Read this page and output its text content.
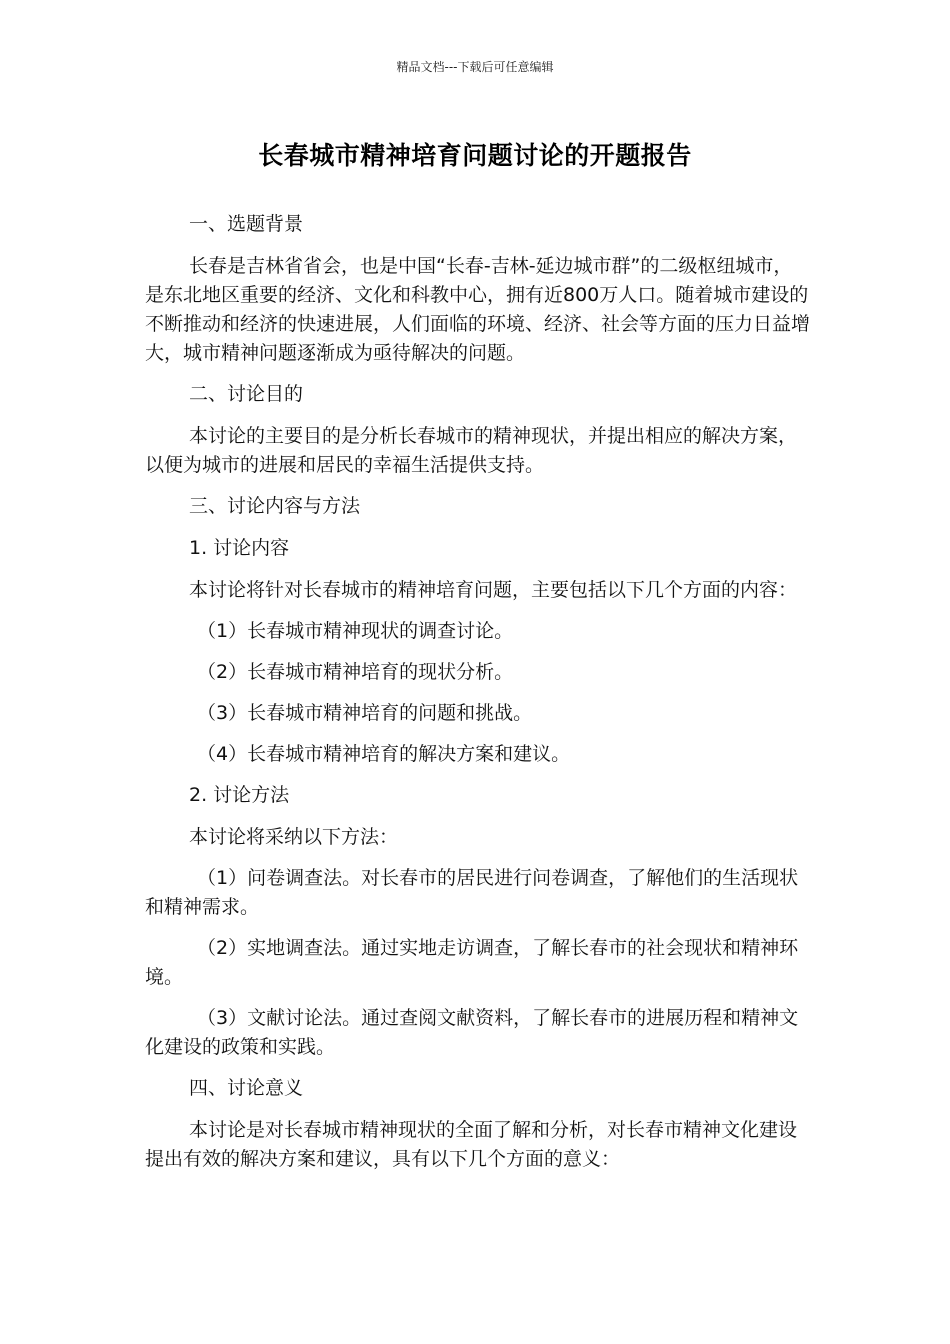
精品文档---下载后可任意编辑
长春城市精神培育问题讨论的开题报告

一、选题背景

长春是吉林省省会，也是中国“长春-吉林-延边城市群”的二级枢纽城市，是东北地区重要的经济、文化和科教中心，拥有近800万人口。随着城市建设的不断推动和经济的快速进展，人们面临的环境、经济、社会等方面的压力日益增大，城市精神问题逐渐成为亟待解决的问题。

二、讨论目的

本讨论的主要目的是分析长春城市的精神现状，并提出相应的解决方案，以便为城市的进展和居民的幸福生活提供支持。

三、讨论内容与方法

1. 讨论内容

本讨论将针对长春城市的精神培育问题，主要包括以下几个方面的内容：

（1）长春城市精神现状的调查讨论。

（2）长春城市精神培育的现状分析。

（3）长春城市精神培育的问题和挑战。

（4）长春城市精神培育的解决方案和建议。

2. 讨论方法

本讨论将采纳以下方法：

（1）问卷调查法。对长春市的居民进行问卷调查，了解他们的生活现状和精神需求。

（2）实地调查法。通过实地走访调查，了解长春市的社会现状和精神环境。

（3）文献讨论法。通过查阅文献资料，了解长春市的进展历程和精神文化建设的政策和实践。

四、讨论意义

本讨论是对长春城市精神现状的全面了解和分析，对长春市精神文化建设提出有效的解决方案和建议，具有以下几个方面的意义：
